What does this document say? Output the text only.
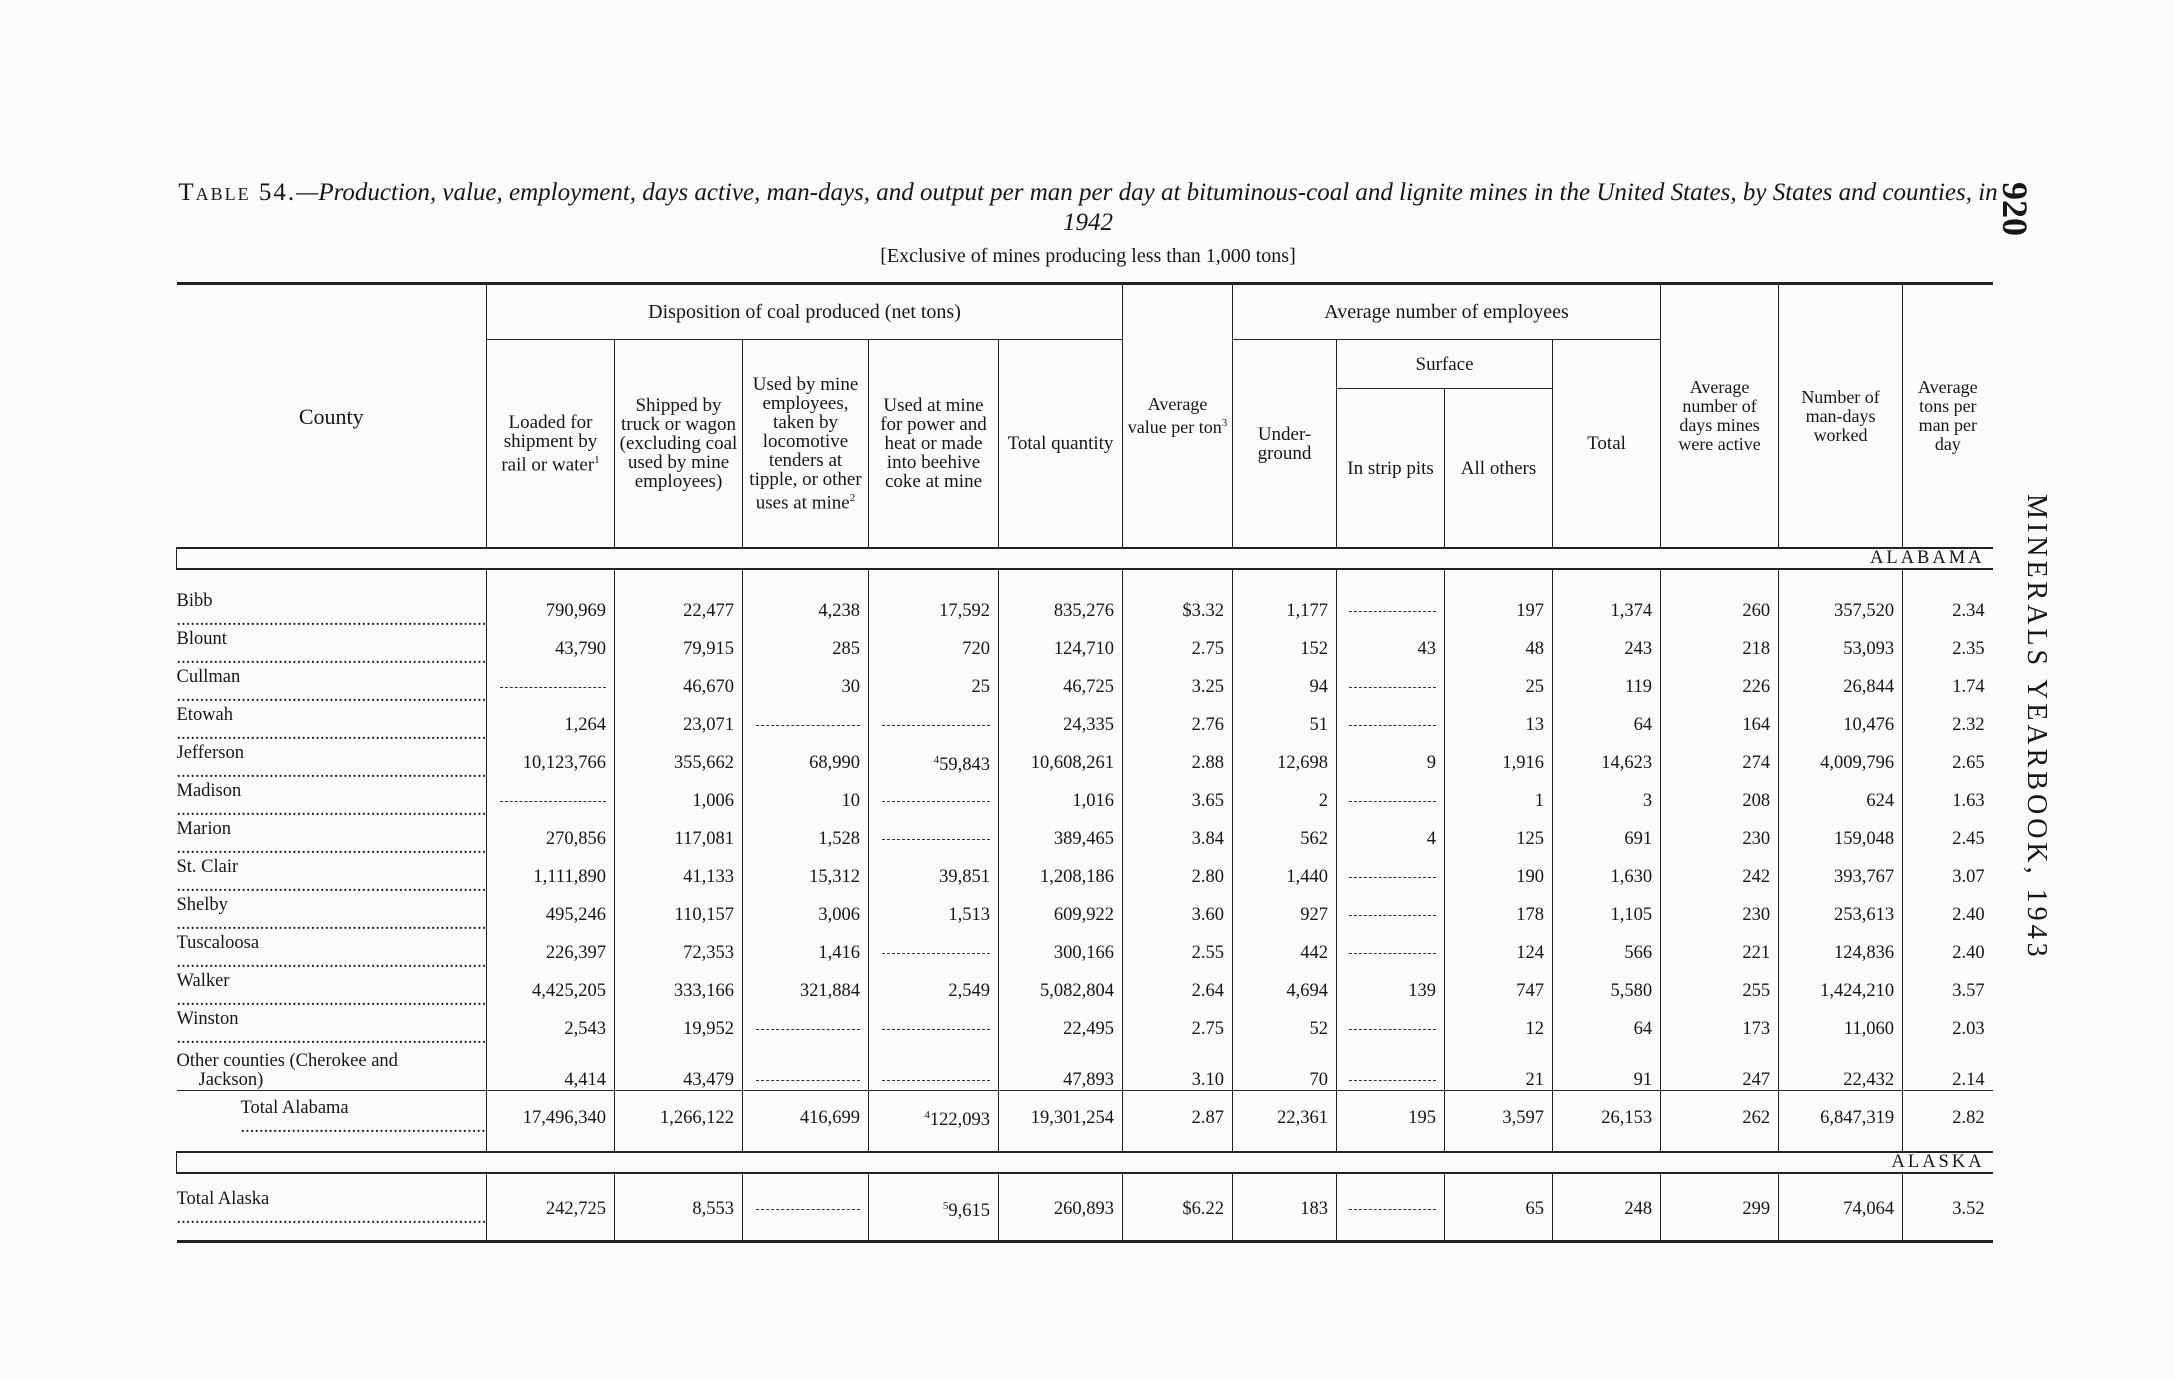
Table 54.—Production, value, employment, days active, man-days, and output per man per day at bituminous-coal and lignite mines in the United States, by States and counties, in 1942
[Exclusive of mines producing less than 1,000 tons]
920
MINERALS YEARBOOK, 1943
County	Disposition of coal produced (net tons)					Average value per ton$^3$	Average number of employees				Average number of days mines were active	Number of man-days worked	Average tons per man per day
	Loaded for shipment by rail or water$^1$	Shipped by truck or wagon (excluding coal used by mine employees)	Used by mine employees, taken by locomotive tenders at tipple, or other uses at mine$^2$	Used at mine for power and heat or made into beehive coke at mine	Total quantity		Under-ground	Surface		Total			
								In strip pits	All others				
ALABAMA													
Bibb .....	790,969	22,477	4,238	17,592	835,276	$3.32	1,177		197	1,374	260	357,520	2.34
Blount .....	43,790	79,915	285	720	124,710	2.75	152	43	48	243	218	53,093	2.35
Cullman .....		46,670	30	25	46,725	3.25	94		25	119	226	26,844	1.74
Etowah .....	1,264	23,071			24,335	2.76	51		13	64	164	10,476	2.32
Jefferson .....	10,123,766	355,662	68,990	$^4$59,843	10,608,261	2.88	12,698	9	1,916	14,623	274	4,009,796	2.65
Madison .....		1,006	10		1,016	3.65	2		1	3	208	624	1.63
Marion .....	270,856	117,081	1,528		389,465	3.84	562	4	125	691	230	159,048	2.45
St. Clair .....	1,111,890	41,133	15,312	39,851	1,208,186	2.80	1,440		190	1,630	242	393,767	3.07
Shelby .....	495,246	110,157	3,006	1,513	609,922	3.60	927		178	1,105	230	253,613	2.40
Tuscaloosa .....	226,397	72,353	1,416		300,166	2.55	442		124	566	221	124,836	2.40
Walker .....	4,425,205	333,166	321,884	2,549	5,082,804	2.64	4,694	139	747	5,580	255	1,424,210	3.57
Winston .....	2,543	19,952			22,495	2.75	52		12	64	173	11,060	2.03
Other counties (Cherokee and
Jackson)	4,414	43,479			47,893	3.10	70		21	91	247	22,432	2.14
Total Alabama .....	17,496,340	1,266,122	416,699	$^4$122,093	19,301,254	2.87	22,361	195	3,597	26,153	262	6,847,319	2.82
ALASKA													
Total Alaska .....	242,725	8,553		$^5$9,615	260,893	$6.22	183		65	248	299	74,064	3.52
